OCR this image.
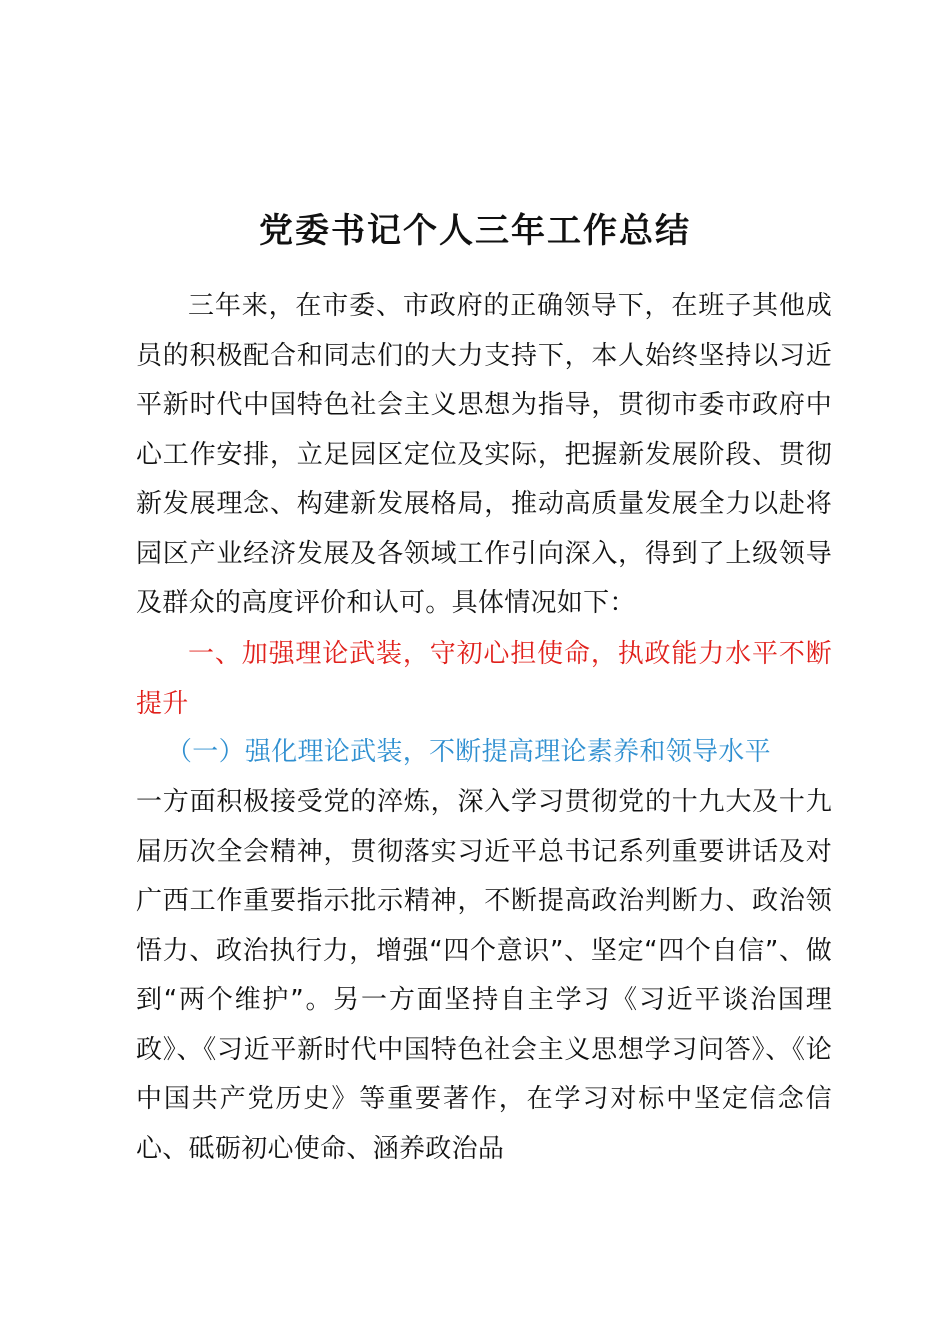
党委书记个人三年工作总结
三年来，在市委、市政府的正确领导下，在班子其他成员的积极配合和同志们的大力支持下，本人始终坚持以习近平新时代中国特色社会主义思想为指导，贯彻市委市政府中心工作安排，立足园区定位及实际，把握新发展阶段、贯彻新发展理念、构建新发展格局，推动高质量发展全力以赴将园区产业经济发展及各领域工作引向深入，得到了上级领导及群众的高度评价和认可。具体情况如下：
一、加强理论武装，守初心担使命，执政能力水平不断提升
（一）强化理论武装，不断提高理论素养和领导水平
一方面积极接受党的淬炼，深入学习贯彻党的十九大及十九届历次全会精神，贯彻落实习近平总书记系列重要讲话及对广西工作重要指示批示精神，不断提高政治判断力、政治领悟力、政治执行力，增强“四个意识”、坚定“四个自信”、做到“两个维护”。另一方面坚持自主学习《习近平谈治国理政》、《习近平新时代中国特色社会主义思想学习问答》、《论中国共产党历史》等重要著作，在学习对标中坚定信念信心、砥砺初心使命、涵养政治品
